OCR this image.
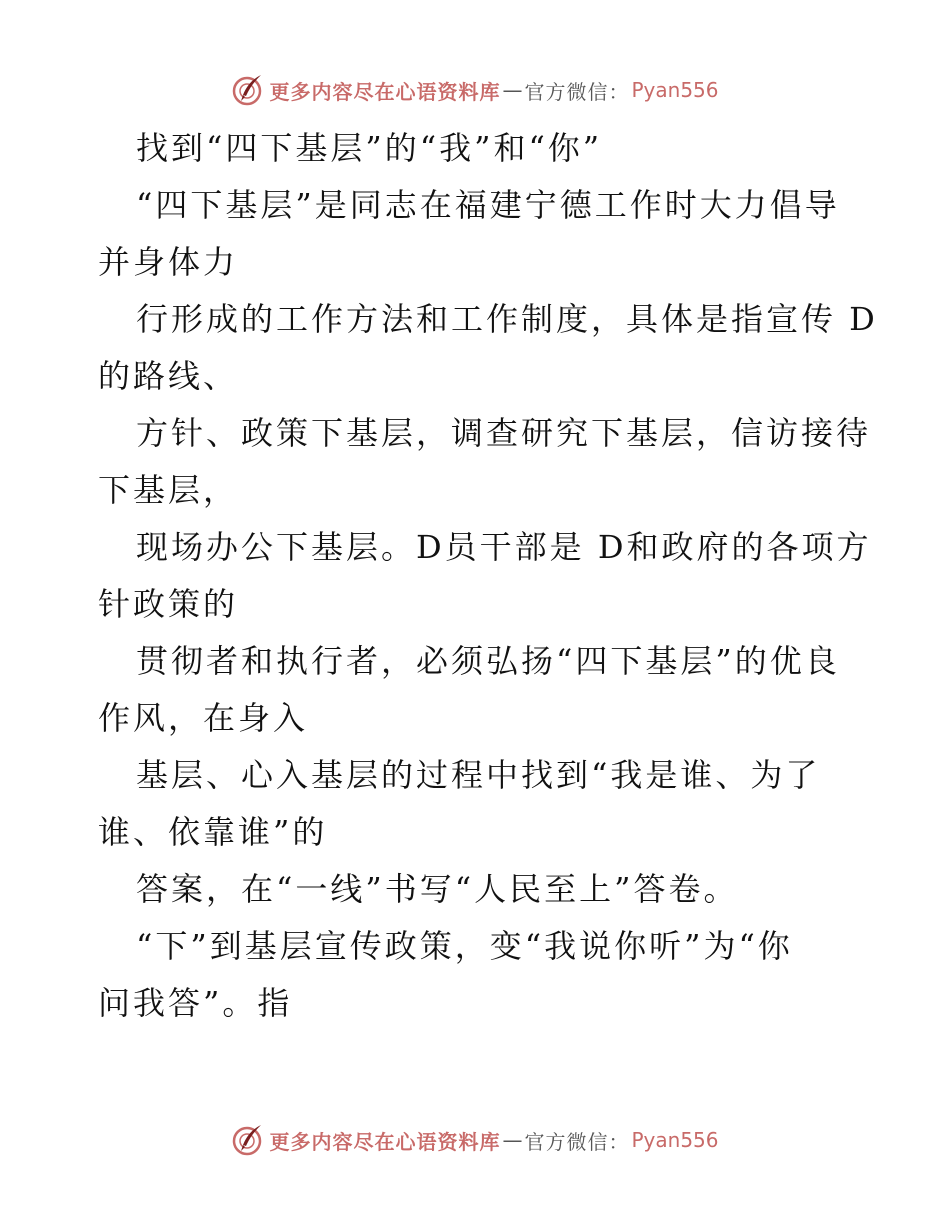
更多内容尽在心语资料库 — 官方微信： Pyan556
找到“四下基层”的“我”和“你”
“四下基层”是同志在福建宁德工作时大力倡导
并身体力
行形成的工作方法和工作制度，具体是指宣传 D
的路线、
方针、政策下基层，调查研究下基层，信访接待
下基层，
现场办公下基层。D员干部是 D和政府的各项方
针政策的
贯彻者和执行者，必须弘扬“四下基层”的优良
作风，在身入
基层、心入基层的过程中找到“我是谁、为了
谁、依靠谁”的
答案，在“一线”书写“人民至上”答卷。
“下”到基层宣传政策，变“我说你听”为“你
问我答”。指
更多内容尽在心语资料库 — 官方微信： Pyan556
